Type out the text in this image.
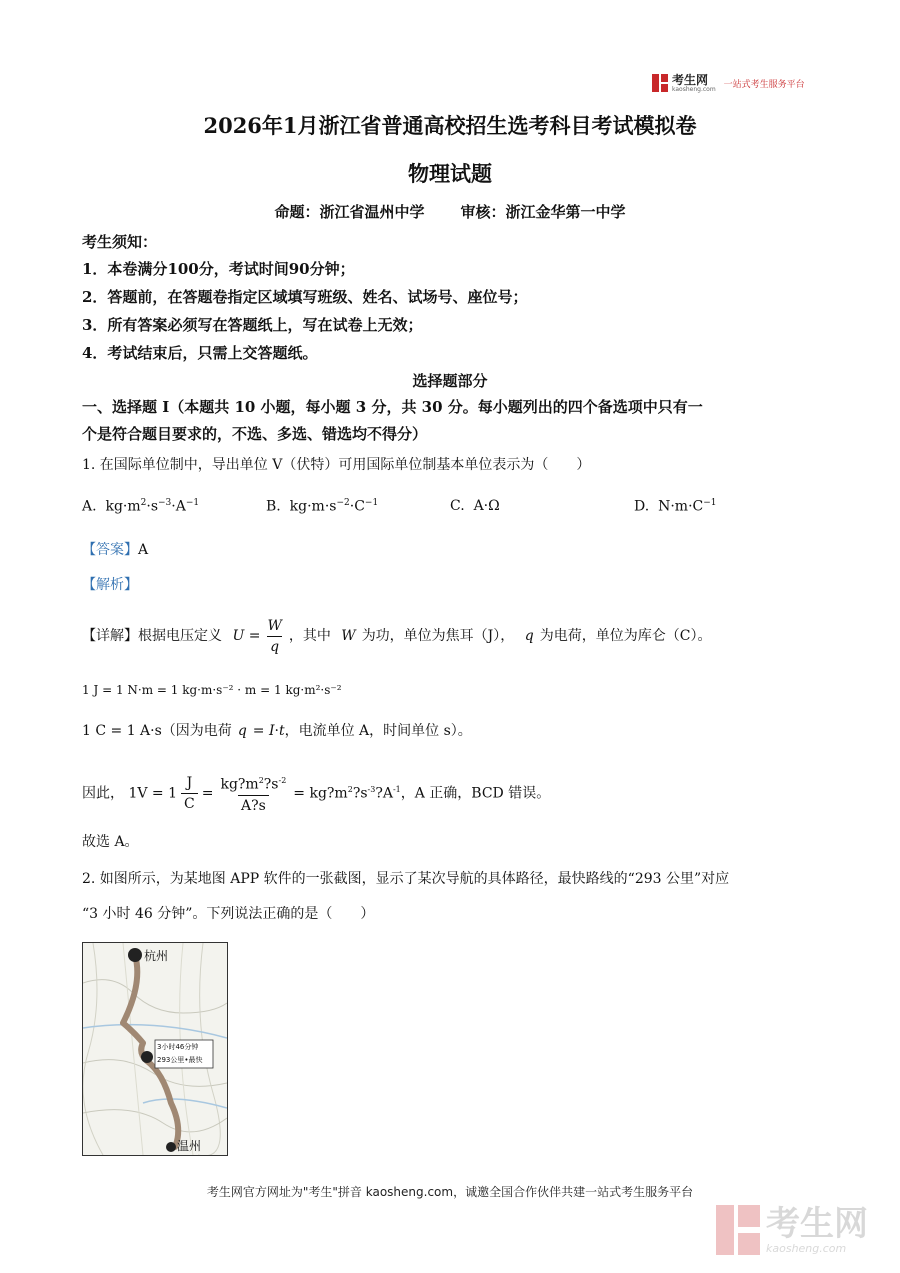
考生网
kaosheng.com 一站式考生服务平台
2026年1月浙江省普通高校招生选考科目考试模拟卷
物理试题
命题：浙江省温州中学 审核：浙江金华第一中学
考生须知：
1．本卷满分100分，考试时间90分钟；
2．答题前，在答题卷指定区域填写班级、姓名、试场号、座位号；
3．所有答案必须写在答题纸上，写在试卷上无效；
4．考试结束后，只需上交答题纸。
选择题部分
一、选择题 I（本题共 10 小题，每小题 3 分，共 30 分。每小题列出的四个备选项中只有一
个是符合题目要求的，不选、多选、错选均不得分）
1. 在国际单位制中，导出单位 V（伏特）可用国际单位制基本单位表示为（　　）
A.  $kg\cdot m^2\cdot s^{-3}\cdot A^{-1}$	B.  $kg\cdot m\cdot s^{-2}\cdot C^{-1}$	C.  A·Ω	D.  $N\cdot m\cdot C^{-1}$
【答案】A
【解析】
【详解】根据电压定义 $U = \frac{W}{q}$ ，其中 W 为功，单位为焦耳（J）， q 为电荷，单位为库仑（C）。
1 J = 1 N·m = 1 kg·m·s⁻² · m = 1 kg·m²·s⁻²
1 C = 1 A·s（因为电荷 q = I·t，电流单位 A，时间单位 s）。
因此， $1V = 1 \frac{J}{C} = \frac{kg?m^2?s^{-2}}{A?s}$ = $kg?m^2?s^{-3}?A^{-1}$，A 正确，BCD 错误。
故选 A。
2. 如图所示，为某地图 APP 软件的一张截图，显示了某次导航的具体路径，最快路线的“293 公里”对应
“3 小时 46 分钟”。下列说法正确的是（　　）
杭州
温州
3小时46分钟
293公里•最快
考生网官方网址为"考生"拼音 kaosheng.com，诚邀全国合作伙伴共建一站式考生服务平台
考生网
kaosheng.com
